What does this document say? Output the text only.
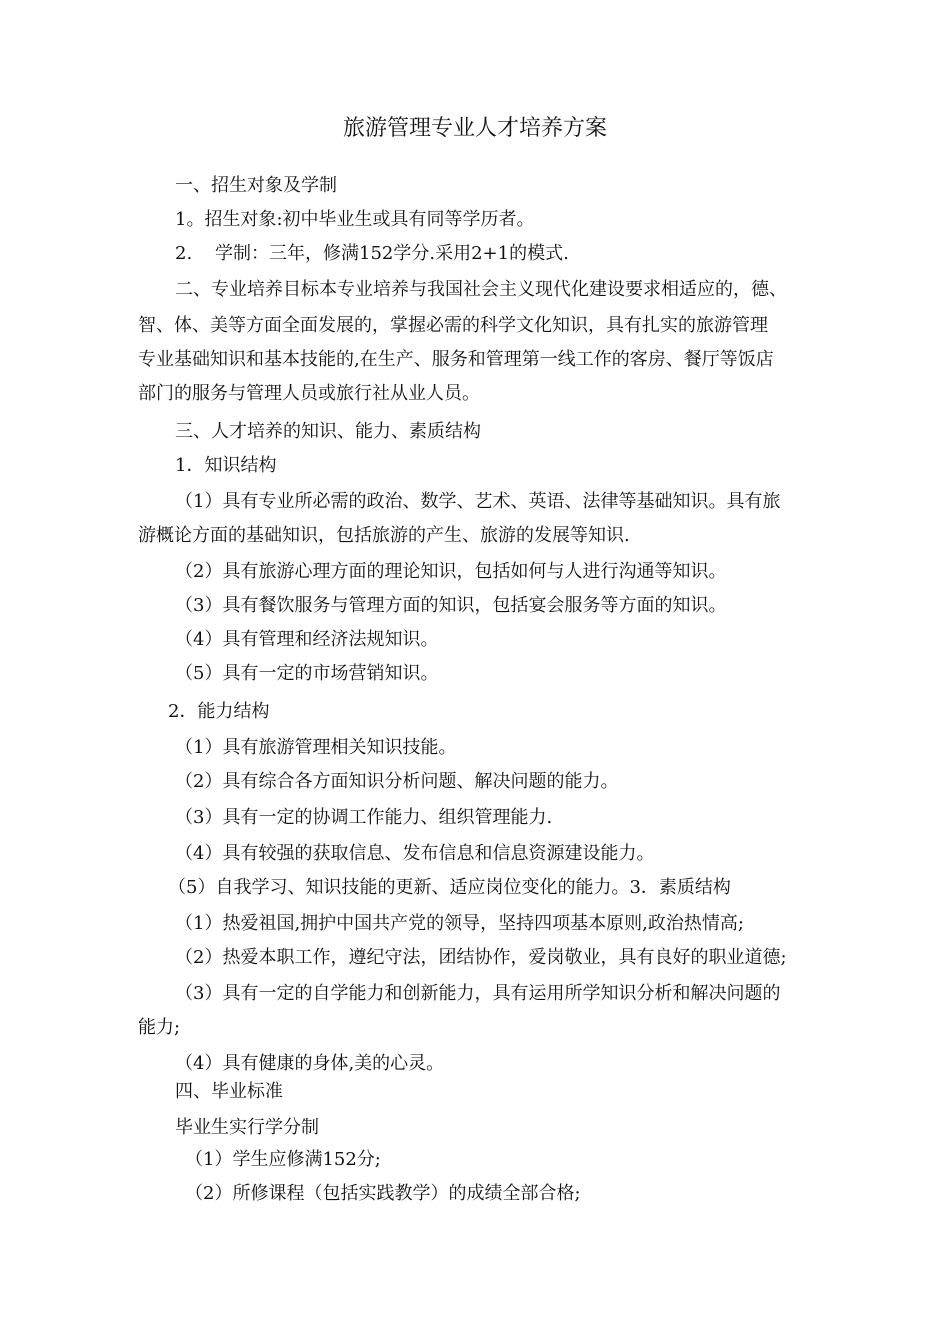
旅游管理专业人才培养方案
一、招生对象及学制
1。招生对象:初中毕业生或具有同等学历者。
2. 学制：三年，修满152学分.采用2+1的模式.
二、专业培养目标本专业培养与我国社会主义现代化建设要求相适应的，德、
智、体、美等方面全面发展的，掌握必需的科学文化知识，具有扎实的旅游管理
专业基础知识和基本技能的,在生产、服务和管理第一线工作的客房、餐厅等饭店
部门的服务与管理人员或旅行社从业人员。
三、人才培养的知识、能力、素质结构
1．知识结构
（1）具有专业所必需的政治、数学、艺术、英语、法律等基础知识。具有旅
游概论方面的基础知识，包括旅游的产生、旅游的发展等知识.
（2）具有旅游心理方面的理论知识，包括如何与人进行沟通等知识。
（3）具有餐饮服务与管理方面的知识，包括宴会服务等方面的知识。
（4）具有管理和经济法规知识。
（5）具有一定的市场营销知识。
2．能力结构
（1）具有旅游管理相关知识技能。
（2）具有综合各方面知识分析问题、解决问题的能力。
（3）具有一定的协调工作能力、组织管理能力.
（4）具有较强的获取信息、发布信息和信息资源建设能力。
（5）自我学习、知识技能的更新、适应岗位变化的能力。3．素质结构
（1）热爱祖国,拥护中国共产党的领导，坚持四项基本原则,政治热情高;
（2）热爱本职工作，遵纪守法，团结协作，爱岗敬业，具有良好的职业道德;
（3）具有一定的自学能力和创新能力，具有运用所学知识分析和解决问题的
能力;
（4）具有健康的身体,美的心灵。
四、毕业标准
毕业生实行学分制
（1）学生应修满152分;
（2）所修课程（包括实践教学）的成绩全部合格;
